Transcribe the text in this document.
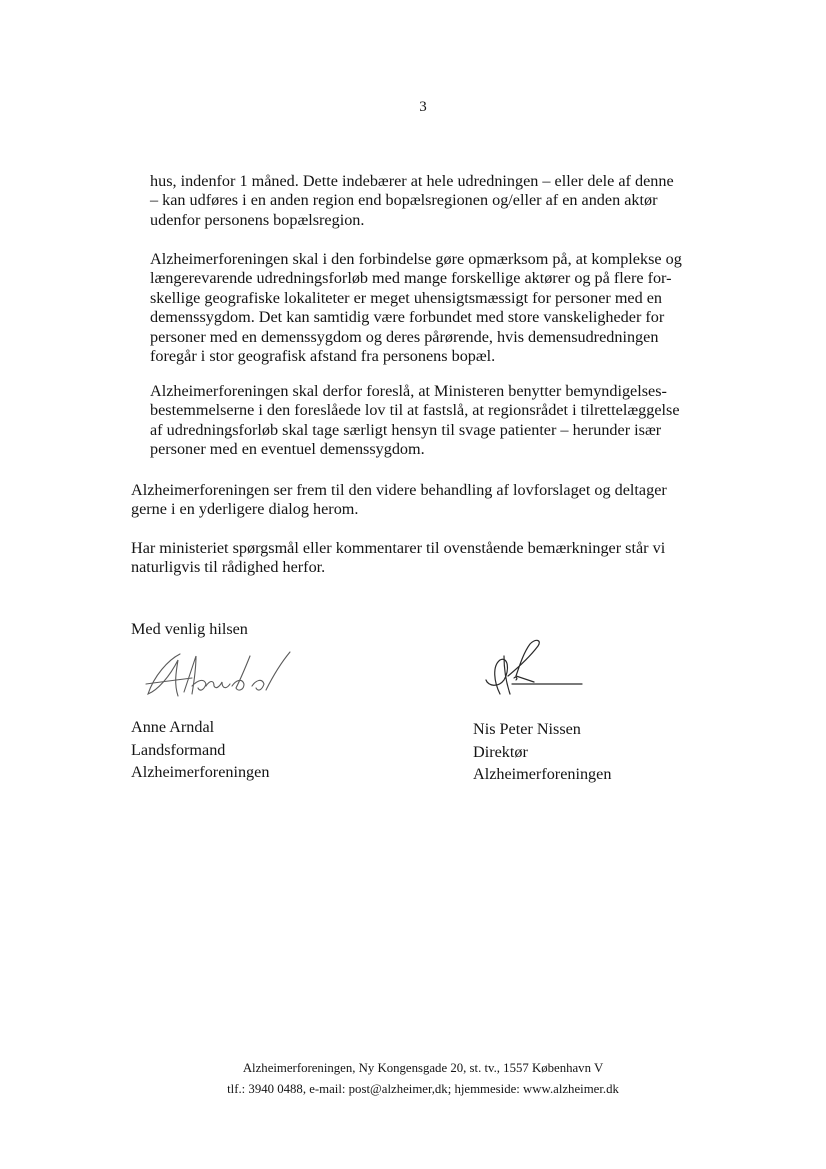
3

hus, indenfor 1 måned. Dette indebærer at hele udredningen – eller dele af denne
– kan udføres i en anden region end bopælsregionen og/eller af en anden aktør
udenfor personens bopælsregion.

Alzheimerforeningen skal i den forbindelse gøre opmærksom på, at komplekse og
længerevarende udredningsforløb med mange forskellige aktører og på flere for-
skellige geografiske lokaliteter er meget uhensigtsmæssigt for personer med en
demenssygdom. Det kan samtidig være forbundet med store vanskeligheder for
personer med en demenssygdom og deres pårørende, hvis demensudredningen
foregår i stor geografisk afstand fra personens bopæl.

Alzheimerforeningen skal derfor foreslå, at Ministeren benytter bemyndigelses-
bestemmelserne i den foreslåede lov til at fastslå, at regionsrådet i tilrettelæggelse
af udredningsforløb skal tage særligt hensyn til svage patienter – herunder især
personer med en eventuel demenssygdom.

Alzheimerforeningen ser frem til den videre behandling af lovforslaget og deltager
gerne i en yderligere dialog herom.

Har ministeriet spørgsmål eller kommentarer til ovenstående bemærkninger står vi
naturligvis til rådighed herfor.

Med venlig hilsen
A Arndal
Anne Arndal
Landsformand
Alzheimerforeningen
Nis Peter Nissen
Direktør
Alzheimerforeningen
Alzheimerforeningen, Ny Kongensgade 20, st. tv., 1557 København V
tlf.: 3940 0488, e-mail: post@alzheimer,dk; hjemmeside: www.alzheimer.dk
